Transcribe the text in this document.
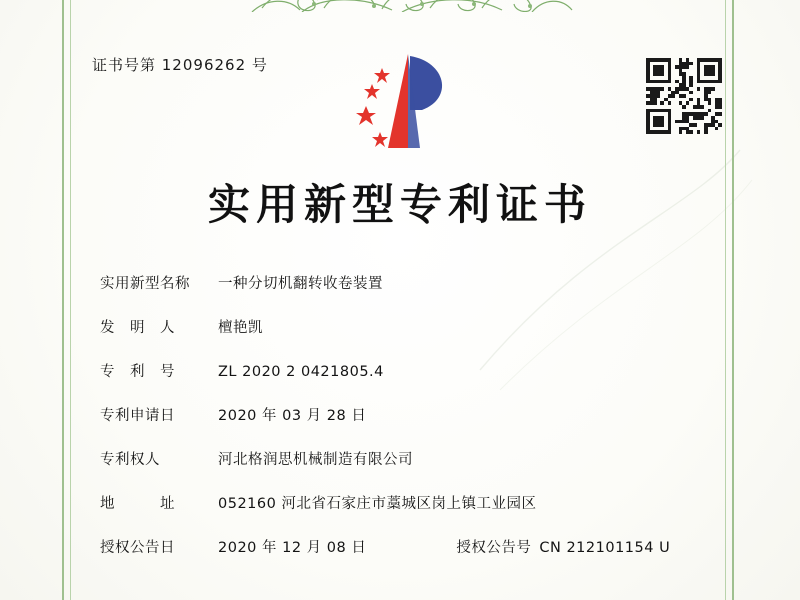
证书号第 12096262 号
实用新型专利证书
实用新型名称	一种分切机翻转收卷装置
发　明　人	檀艳凯
专　利　号	ZL 2020 2 0421805.4
专利申请日	2020 年 03 月 28 日
专利权人	河北格润思机械制造有限公司
地　　　址	052160 河北省石家庄市藁城区岗上镇工业园区
授权公告日	2020 年 12 月 08 日	授权公告号 CN 212101154 U
